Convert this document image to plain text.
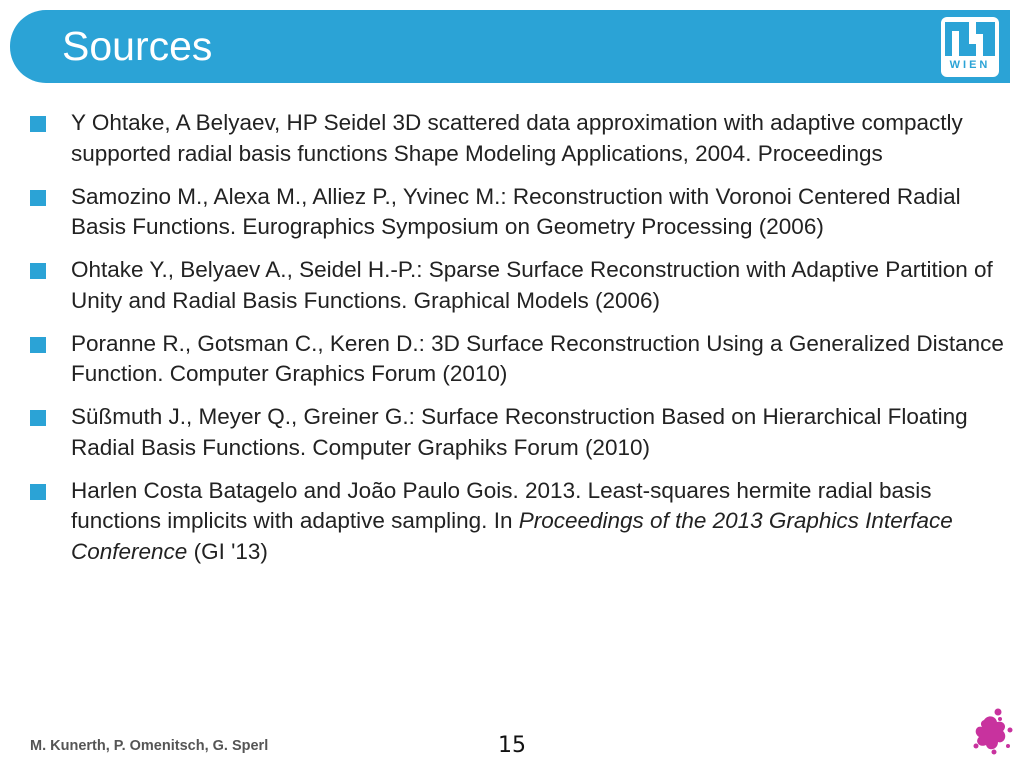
Sources	WIEN
Y Ohtake, A Belyaev, HP Seidel 3D scattered data approximation with adaptive compactly supported radial basis functions Shape Modeling Applications, 2004. Proceedings
Samozino M., Alexa M., Alliez P., Yvinec M.: Reconstruction with Voronoi Centered Radial Basis Functions. Eurographics Symposium on Geometry Processing (2006)
Ohtake Y., Belyaev A., Seidel H.-P.: Sparse Surface Reconstruction with Adaptive Partition of Unity and Radial Basis Functions. Graphical Models (2006)
Poranne R., Gotsman C., Keren D.: 3D Surface Reconstruction Using a Generalized Distance Function. Computer Graphics Forum (2010)
Süßmuth J., Meyer Q., Greiner G.: Surface Reconstruction Based on Hierarchical Floating Radial Basis Functions. Computer Graphiks Forum (2010)
Harlen Costa Batagelo and João Paulo Gois. 2013. Least-squares hermite radial basis functions implicits with adaptive sampling. In Proceedings of the 2013 Graphics Interface Conference (GI '13)
M. Kunerth, P. Omenitsch, G. Sperl	15
